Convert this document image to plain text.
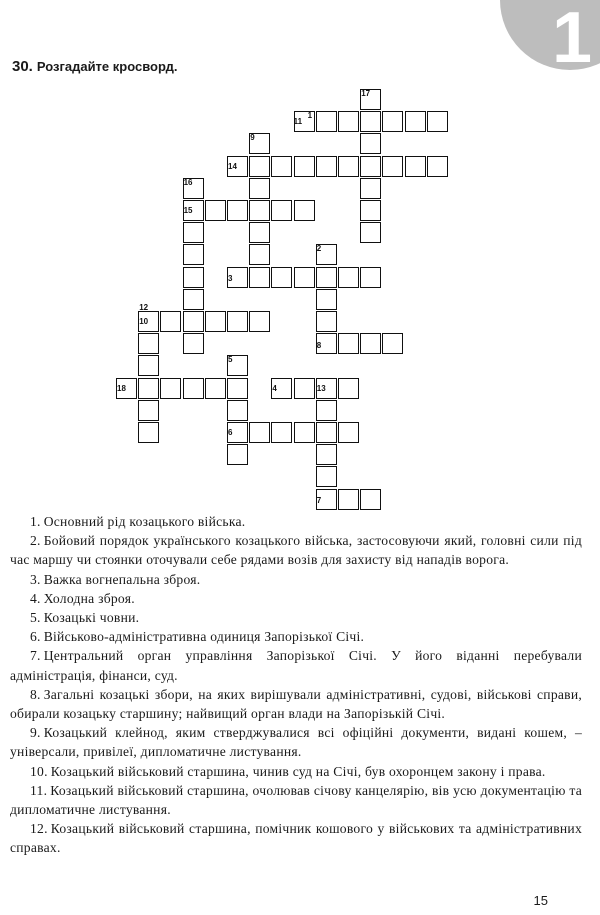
1
30. Розгадайте кросворд.
1
2
3
4
5
6
7
8
9
10
11
12
13
14
15
16
17
18

1. Основний рід козацького війська.

2. Бойовий порядок українського козацького війська, застосовуючи який, головні сили під час маршу чи стоянки оточували себе рядами возів для захисту від нападів ворога.

3. Важка вогнепальна зброя.

4. Холодна зброя.

5. Козацькі човни.

6. Військово-адміністративна одиниця Запорізької Січі.

7. Центральний орган управління Запорізької Січі. У його віданні перебували адміністрація, фінанси, суд.

8. Загальні козацькі збори, на яких вирішували адміністративні, судові, військові справи, обирали козацьку старшину; найвищий орган влади на Запорізькій Січі.

9. Козацький клейнод, яким стверджувалися всі офіційні документи, видані кошем, – універсали, привілеї, дипломатичне листування.

10. Козацький військовий старшина, чинив суд на Січі, був охоронцем закону і права.

11. Козацький військовий старшина, очолював січову канцелярію, вів усю документацію та дипломатичне листування.

12. Козацький військовий старшина, помічник кошового у військових та адміністративних справах.

15
